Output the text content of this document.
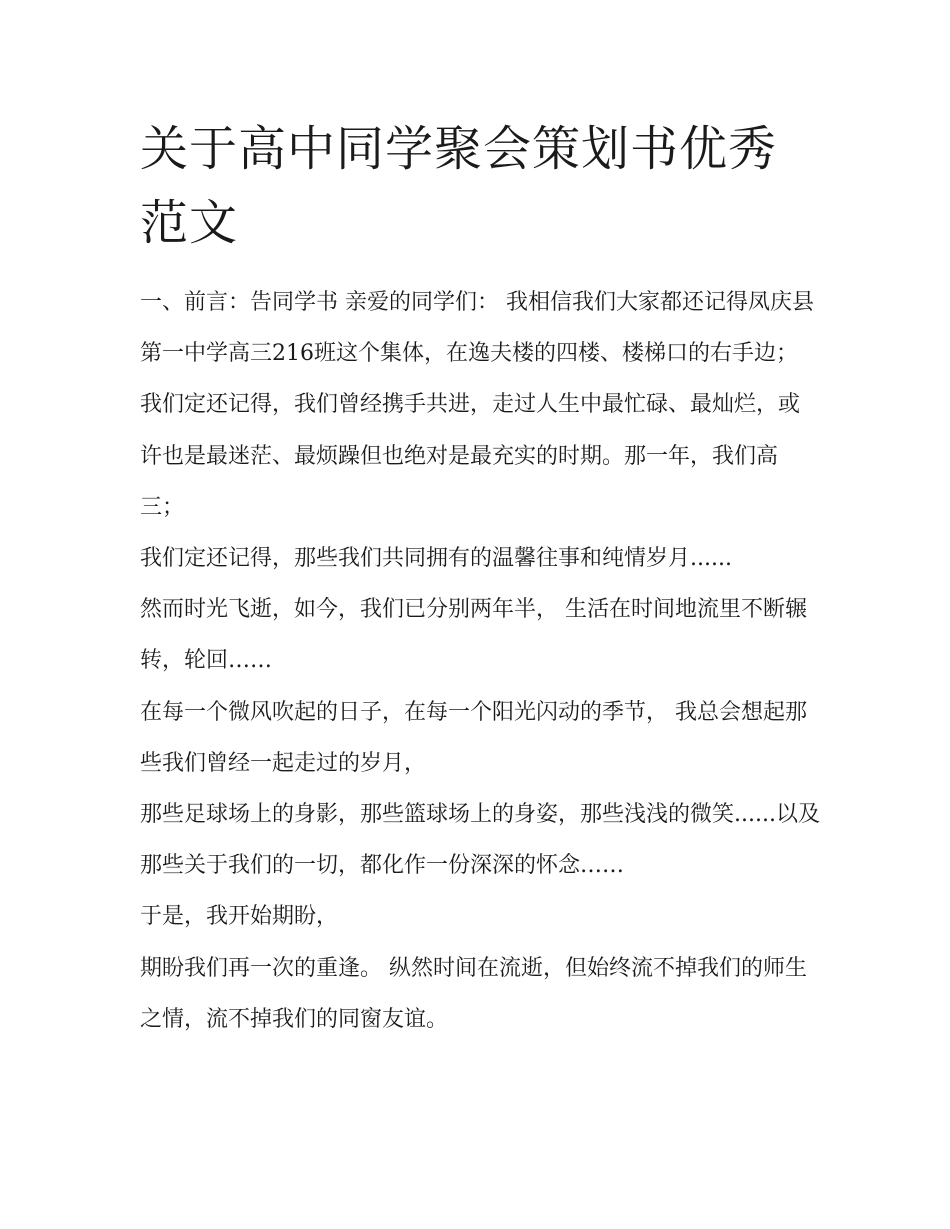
关于高中同学聚会策划书优秀范文

一、前言：告同学书 亲爱的同学们： 我相信我们大家都还记得凤庆县第一中学高三216班这个集体，在逸夫楼的四楼、楼梯口的右手边；

我们定还记得，我们曾经携手共进，走过人生中最忙碌、最灿烂，或许也是最迷茫、最烦躁但也绝对是最充实的时期。那一年，我们高三；

我们定还记得，那些我们共同拥有的温馨往事和纯情岁月......

然而时光飞逝，如今，我们已分别两年半， 生活在时间地流里不断辗转，轮回……

在每一个微风吹起的日子，在每一个阳光闪动的季节， 我总会想起那些我们曾经一起走过的岁月，

那些足球场上的身影，那些篮球场上的身姿，那些浅浅的微笑......以及那些关于我们的一切，都化作一份深深的怀念……

于是，我开始期盼，

期盼我们再一次的重逢。 纵然时间在流逝，但始终流不掉我们的师生之情，流不掉我们的同窗友谊。
